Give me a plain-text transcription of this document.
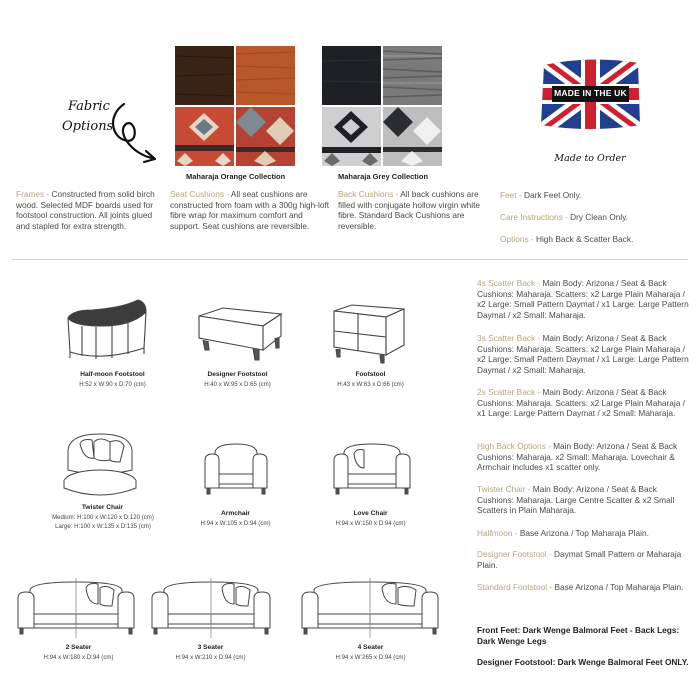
Fabric
Options
Maharaja Orange Collection	Maharaja Grey Collection
MADE IN THE UK
Made to Order
Frames - Constructed from solid birch wood. Selected MDF boards used for footstool construction. All joints glued and stapled for extra strength.
Seat Cushions - All seat cushions are constructed from foam with a 300g high-loft fibre wrap for maximum comfort and support. Seat cushions are reversible.
Back Cushions - All back cushions are filled with conjugate hollow virgin white fibre. Standard Back Cushions are reversible.
Feet - Dark Feet Only.
Care Instructions - Dry Clean Only.
Options - High Back & Scatter Back.
Half-moon Footstool
H:52 x W:90 x D:70 (cm)
Designer Footstool
H:40 x W:95 x D:65 (cm)
Footstool
H:43 x W:63 x D:66 (cm)
Twister Chair
Medium: H:100 x W:120 x D:120 (cm)
Large: H:100 x W:135 x D:135 (cm)
Armchair
H:94 x W:105 x D:94 (cm)
Love Chair
H:94 x W:150 x D:94 (cm)
2 Seater
H:94 x W:180 x D:94 (cm)
3 Seater
H:94 x W:210 x D:94 (cm)
4 Seater
H:94 x W:265 x D:94 (cm)
4s Scatter Back - Main Body: Arizona / Seat & Back Cushions: Maharaja. Scatters: x2 Large Plain Maharaja / x2 Large: Small Pattern Daymat / x1 Large: Large Pattern Daymat / x2 Small: Maharaja.
3s Scatter Back - Main Body: Arizona / Seat & Back Cushions: Maharaja. Scatters: x2 Large Plain Maharaja / x2 Large: Small Pattern Daymat / x1 Large: Large Pattern Daymat / x2 Small: Maharaja.
2s Scatter Back - Main Body: Arizona / Seat & Back Cushions: Maharaja. Scatters: x2 Large Plain Maharaja / x1 Large: Large Pattern Daymat / x2 Small: Maharaja.
High Back Options - Main Body: Arizona / Seat & Back Cushions: Maharaja. x2 Small: Maharaja. Lovechair & Armchair includes x1 scatter only.
Twister Chair - Main Body: Arizona / Seat & Back Cushions: Maharaja. Large Centre Scatter & x2 Small Scatters in Plain Maharaja.
Halfmoon - Base Arizona / Top Maharaja Plain.
Designer Footstool - Daymat Small Pattern or Maharaja Plain.
Standard Footstool - Base Arizona / Top Maharaja Plain.
Front Feet: Dark Wenge Balmoral Feet - Back Legs: Dark Wenge Legs
Designer Footstool: Dark Wenge Balmoral Feet ONLY.
